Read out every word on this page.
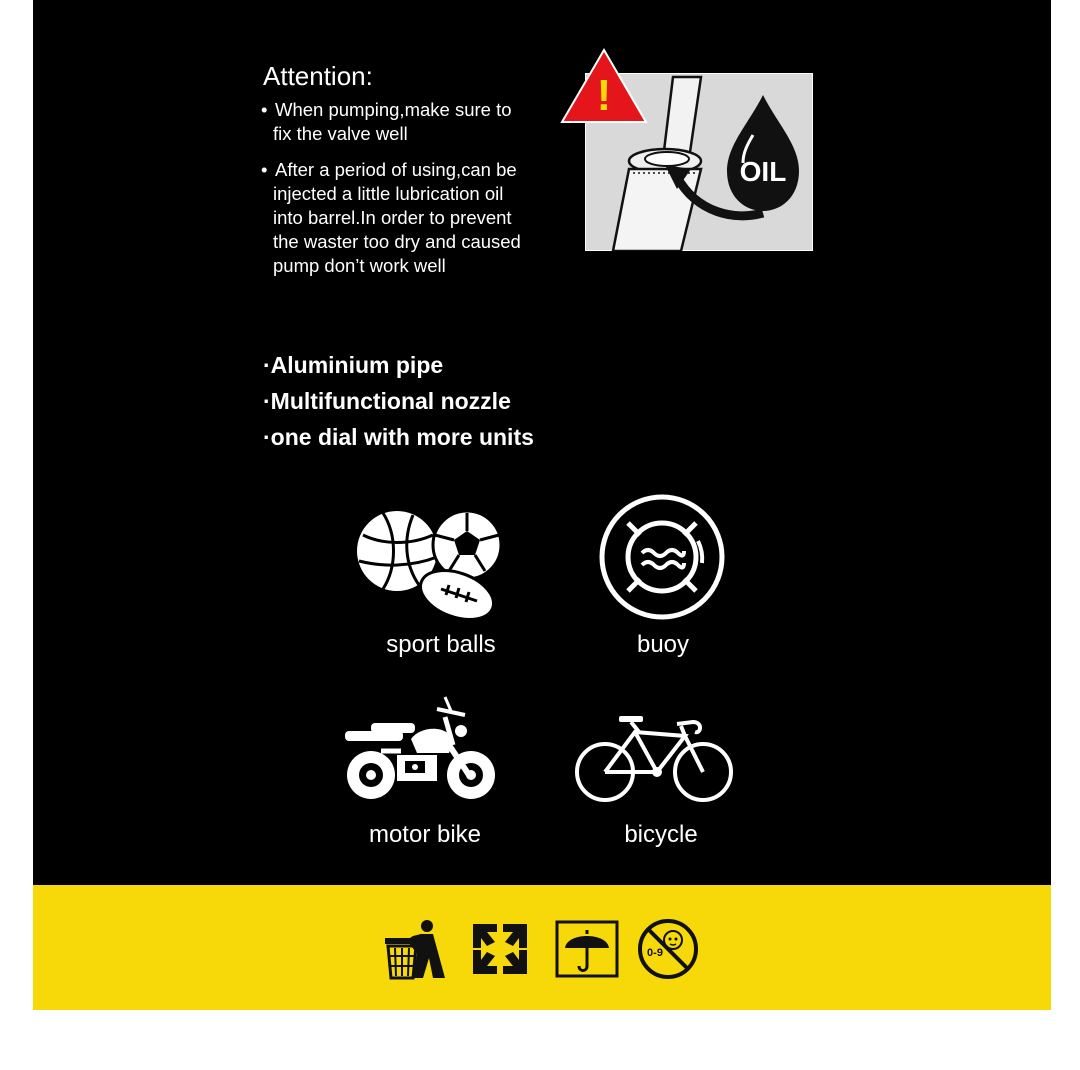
Attention:
• When pumping,make sure to
fix the valve well
• After a period of using,can be
injected a little lubrication oil
into barrel.In order to prevent
the waster too dry and caused
pump don’t work well
OIL
!
·Aluminium pipe
·Multifunctional nozzle
·one dial with more units
sport balls	buoy
motor bike	bicycle
0-9
